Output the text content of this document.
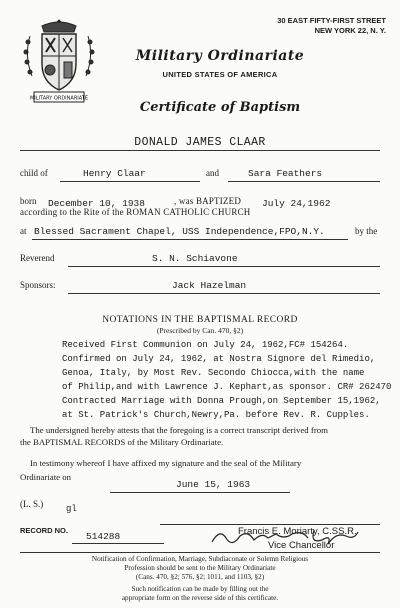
MILITARY ORDINARIATE
30 EAST FIFTY-FIRST STREET
NEW YORK 22, N. Y.
Military Ordinariate
UNITED STATES OF AMERICA
Certificate of Baptism
DONALD JAMES CLAAR
child of	Henry Claar	and	Sara Feathers
born December 10, 1938	, was BAPTIZED July 24,1962
according to the Rite of the ROMAN CATHOLIC CHURCH
at Blessed Sacrament Chapel, USS Independence,FPO,N.Y.	by the
Reverend	S. N. Schiavone
Sponsors:	Jack Hazelman
NOTATIONS IN THE BAPTISMAL RECORD
(Prescribed by Can. 470, §2)
Received First Communion on July 24, 1962,FC# 154264.
Confirmed on July 24, 1962, at Nostra Signore del Rimedio,
Genoa, Italy, by Most Rev. Secondo Chiocca,with the name
of Philip,and with Lawrence J. Kephart,as sponsor. CR# 262470
Contracted Marriage with Donna Prough,on September 15,1962,
at St. Patrick's Church,Newry,Pa. before Rev. R. Cupples.
The undersigned hereby attests that the foregoing is a correct transcript derived from
the BAPTISMAL RECORDS of the Military Ordinariate.
In testimony whereof I have affixed my signature and the seal of the Military
Ordinariate on
June 15, 1963
(L. S.)	gl
RECORD NO.
514288	Francis E. Moriarty, C.SS.R.
Vice Chancellor
Notification of Confirmation, Marriage, Subdiaconate or Solemn Religious
Profession should be sent to the Military Ordinariate
(Cans. 470, §2; 576, §2; 1011, and 1103, §2)
Such notification can be made by filling out the
appropriate form on the reverse side of this certificate.
